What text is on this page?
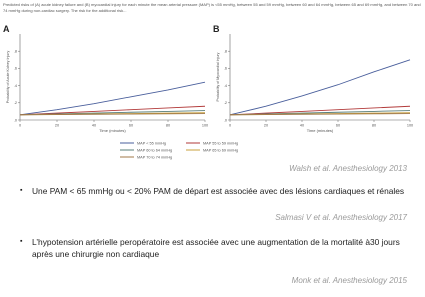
Predicted risks of (A) acute kidney failure and (B) myocardial injury for each minute the mean arterial pressure (MAP) is <55 mmHg, between 55 and 59 mmHg, between 60 and 64 mmHg, between 65 and 69 mmHg, and between 70 and 74 mmHg during non-cardiac surgery. The risk for the additional risk...
A
.0
.2
.4
.6
.8
0	20	40	60	80	100
Time (minutes)
Probability of Acute Kidney Injury
B
.0
.2
.4
.6
.8
0	20	40	60	80	100
Time (minutes)
Probability of Myocardial Injury
MAP < 55 mmHg	MAP 55 to 59 mmHg
MAP 60 to 64 mmHg	MAP 65 to 69 mmHg
MAP 70 to 74 mmHg
Walsh et al. Anesthesiology 2013
▪ Une PAM < 65 mmHg ou < 20% PAM de départ est associée avec des lésions cardiaques et rénales
Salmasi V et al. Anesthesiology 2017
▪ L’hypotension artérielle peropératoire est associée avec une augmentation de la mortalité à30 jours après une chirurgie non cardiaque
Monk et al. Anesthesiology 2015
